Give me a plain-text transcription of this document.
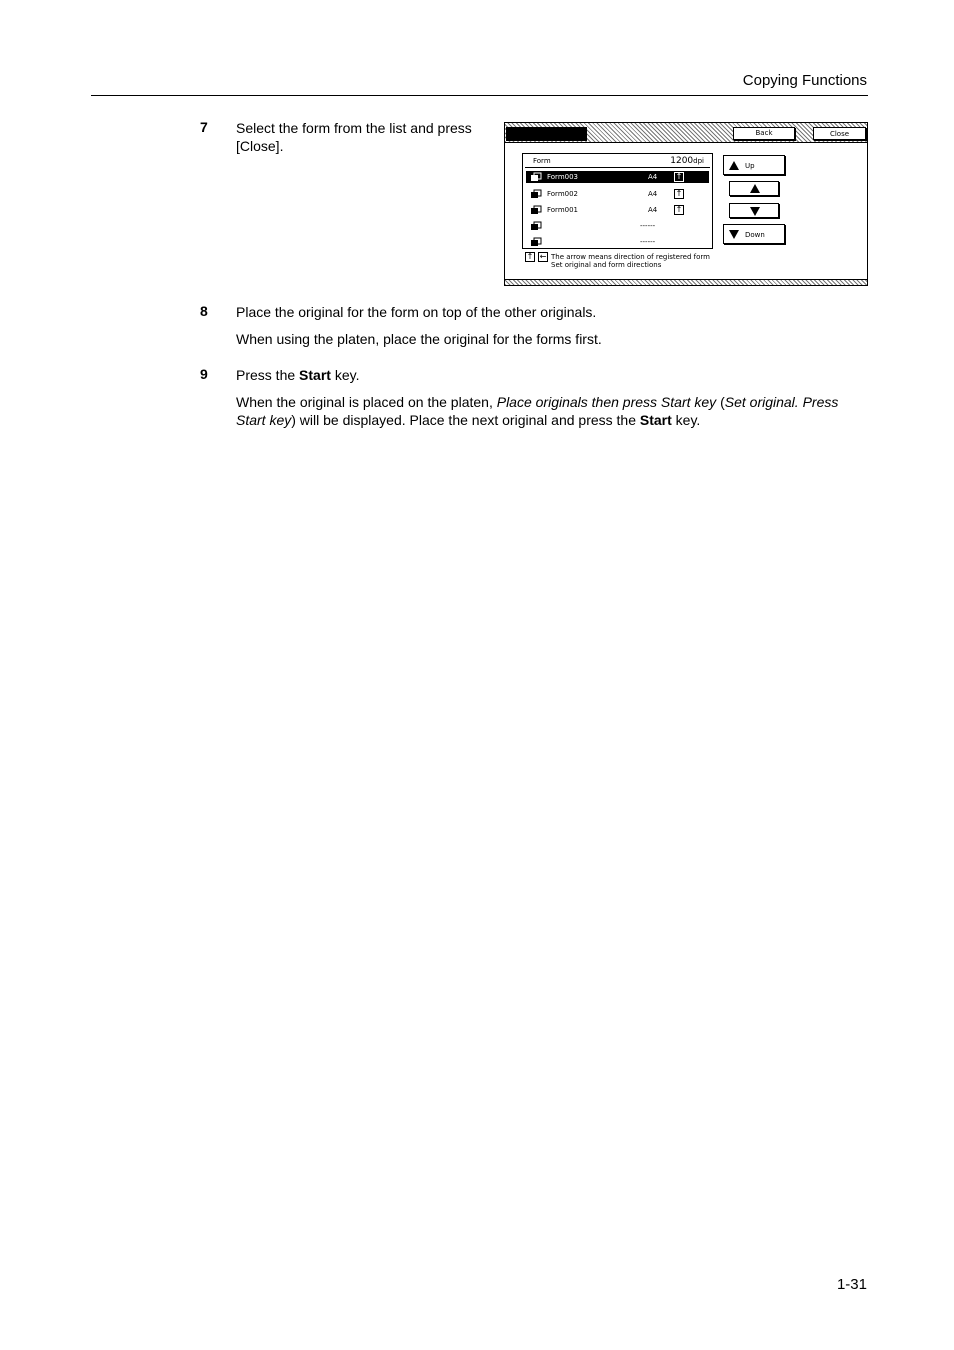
Copying Functions
7 Select the form from the list and press [Close].
Back	Close
Form	1200dpi
Form003	A4 ↑
Form002	A4 ↑
Form001	A4 ↑
------
------
Up
Down
↑ ← The arrow means direction of registered form
Set original and form directions
8 Place the original for the form on top of the other originals.
When using the platen, place the original for the forms first.
9 Press the Start key.
When the original is placed on the platen, Place originals then press Start key (Set original. Press Start key) will be displayed. Place the next original and press the Start key.
1-31
